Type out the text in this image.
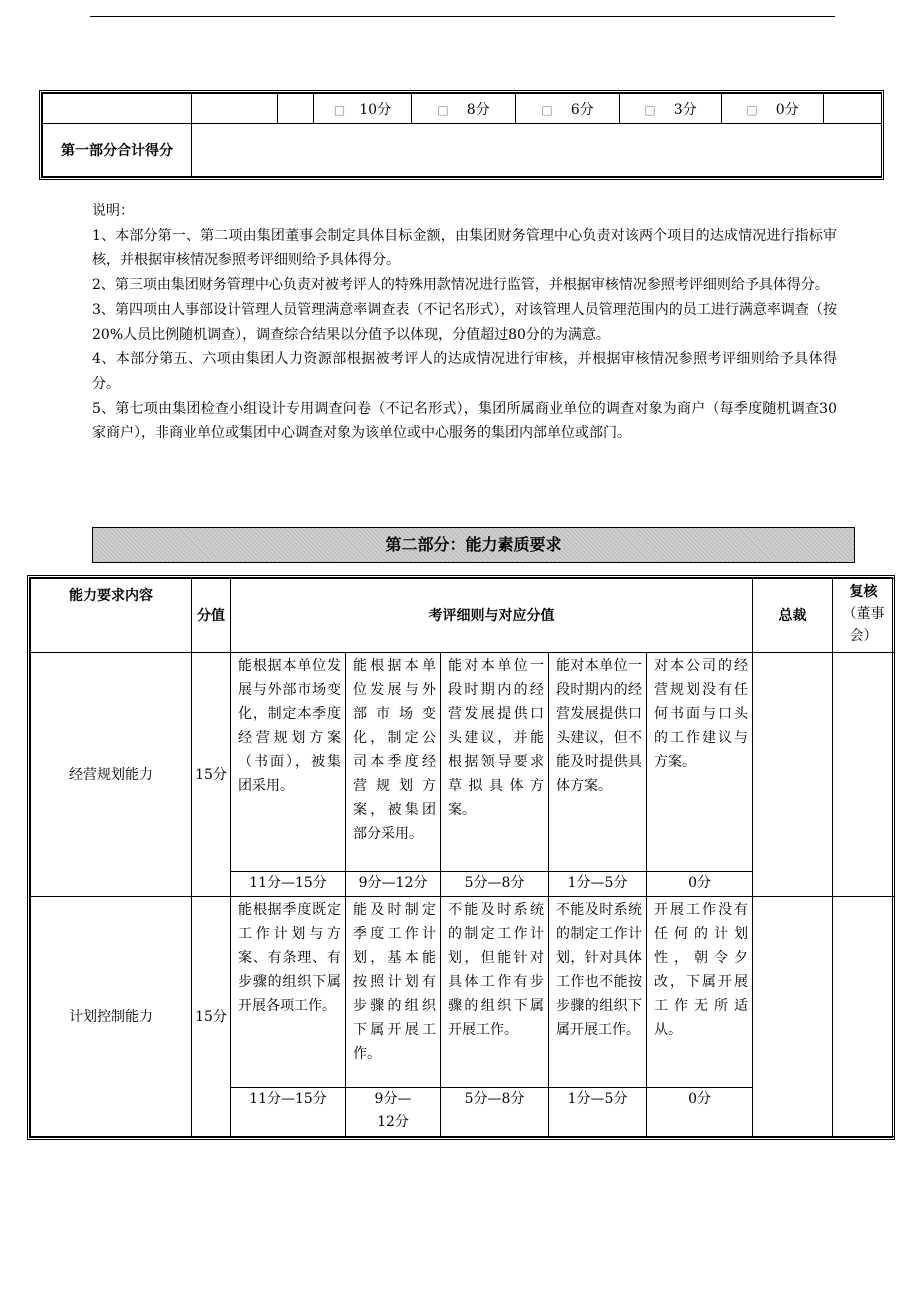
			□ 10分	□ 8分	□ 6分	□ 3分	□ 0分	
第一部分合计得分								

说明：

1、本部分第一、第二项由集团董事会制定具体目标金额，由集团财务管理中心负责对该两个项目的达成情况进行指标审核，并根据审核情况参照考评细则给予具体得分。

2、第三项由集团财务管理中心负责对被考评人的特殊用款情况进行监管，并根据审核情况参照考评细则给予具体得分。

3、第四项由人事部设计管理人员管理满意率调查表（不记名形式），对该管理人员管理范围内的员工进行满意率调查（按20%人员比例随机调查），调查综合结果以分值予以体现，分值超过80分的为满意。

4、本部分第五、六项由集团人力资源部根据被考评人的达成情况进行审核，并根据审核情况参照考评细则给予具体得分。

5、第七项由集团检查小组设计专用调查问卷（不记名形式），集团所属商业单位的调查对象为商户（每季度随机调查30家商户），非商业单位或集团中心调查对象为该单位或中心服务的集团内部单位或部门。

第二部分：能力素质要求
能力要求内容	分值	考评细则与对应分值					总裁	复核
（董事会）

经营规划能力	15分	能根据本单位发展与外部市场变化，制定本季度经营规划方案（书面），被集团采用。	能根据本单位发展与外部市场变化，制定公司本季度经营规划方案，被集团部分采用。	能对本单位一段时期内的经营发展提供口头建议，并能根据领导要求草拟具体方案。	能对本单位一段时期内的经营发展提供口头建议，但不能及时提供具体方案。	对本公司的经营规划没有任何书面与口头的工作建议与方案。		
		11分—15分	9分—12分	5分—8分	1分—5分	0分		
计划控制能力	15分	能根据季度既定工作计划与方案、有条理、有步骤的组织下属开展各项工作。	能及时制定季度工作计划，基本能按照计划有步骤的组织下属开展工作。	不能及时系统的制定工作计划，但能针对具体工作有步骤的组织下属开展工作。	不能及时系统的制定工作计划，针对具体工作也不能按步骤的组织下属开展工作。	开展工作没有任何的计划性，朝令夕改，下属开展工作无所适从。		
		11分—15分	9分—12分	5分—8分	1分—5分	0分		
